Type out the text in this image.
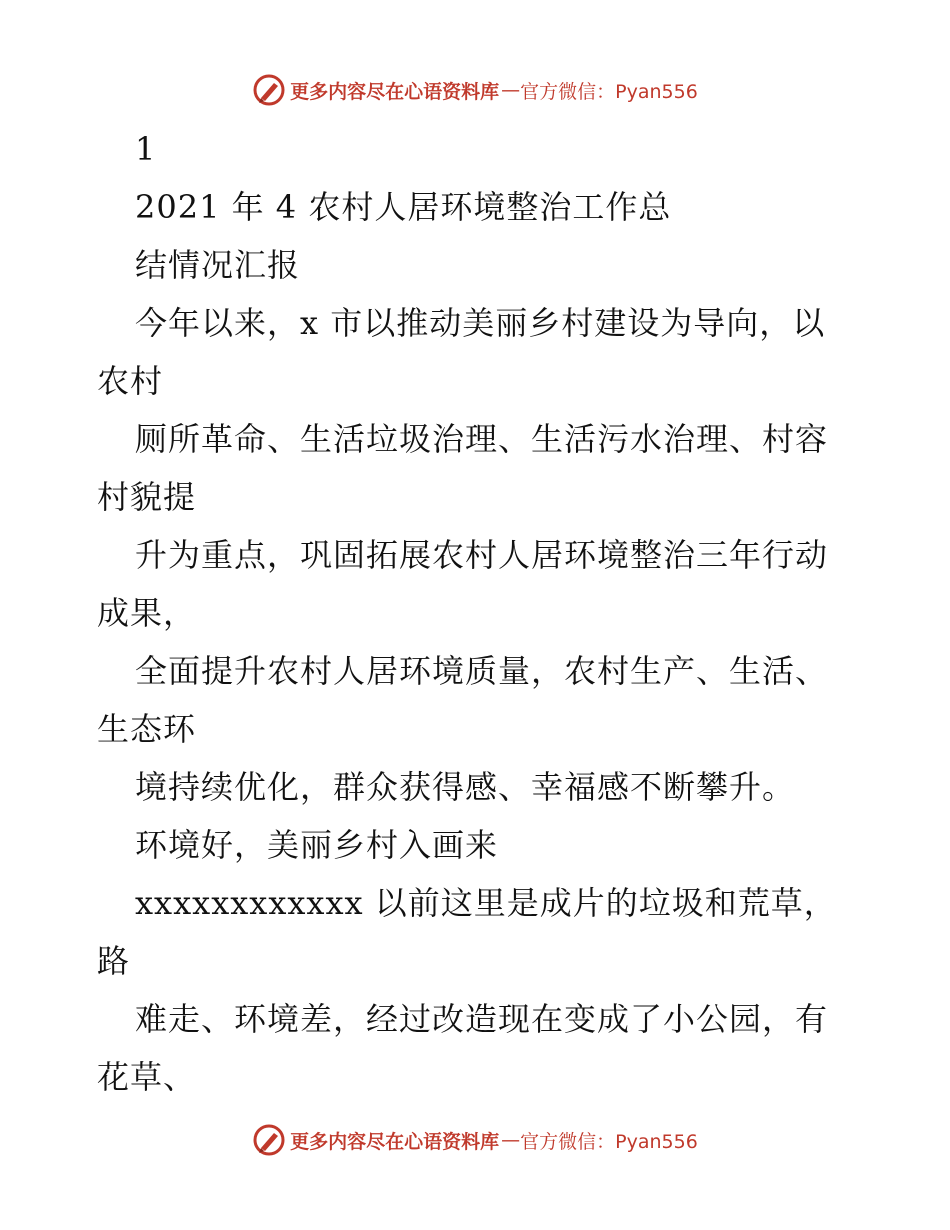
更多内容尽在心语资料库 — 官方微信：Pyan556
1
2021 年 4 农村人居环境整治工作总
结情况汇报
今年以来，x 市以推动美丽乡村建设为导向，以
农村
厕所革命、生活垃圾治理、生活污水治理、村容
村貌提
升为重点，巩固拓展农村人居环境整治三年行动
成果，
全面提升农村人居环境质量，农村生产、生活、
生态环
境持续优化，群众获得感、幸福感不断攀升。
环境好，美丽乡村入画来
xxxxxxxxxxxx 以前这里是成片的垃圾和荒草，
路
难走、环境差，经过改造现在变成了小公园，有
花草、
更多内容尽在心语资料库 — 官方微信：Pyan556
